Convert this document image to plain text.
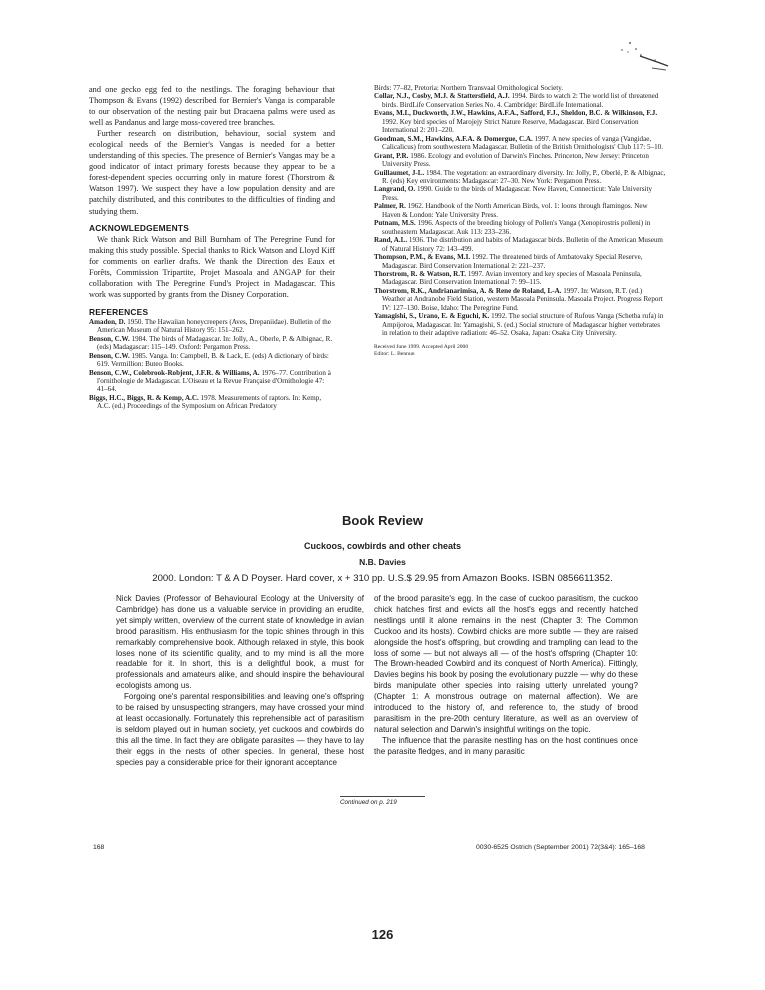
and one gecko egg fed to the nestlings. The foraging behaviour that Thompson & Evans (1992) described for Bernier's Vanga is comparable to our observation of the nesting pair but Dracaena palms were used as well as Pandanus and large moss-covered tree branches.

Further research on distribution, behaviour, social system and ecological needs of the Bernier's Vangas is needed for a better understanding of this species. The presence of Bernier's Vangas may be a good indicator of intact primary forests because they appear to be a forest-dependent species occurring only in mature forest (Thorstrom & Watson 1997). We suspect they have a low population density and are patchily distributed, and this contributes to the difficulties of finding and studying them.

ACKNOWLEDGEMENTS

We thank Rick Watson and Bill Burnham of The Peregrine Fund for making this study possible. Special thanks to Rick Watson and Lloyd Kiff for comments on earlier drafts. We thank the Direction des Eaux et Forêts, Commission Tripartite, Projet Masoala and ANGAP for their collaboration with The Peregrine Fund's Project in Madagascar. This work was supported by grants from the Disney Corporation.

REFERENCES

Amadon, D. 1950. The Hawaiian honeycreepers (Aves, Drepaniidae). Bulletin of the American Museum of Natural History 95: 151–262.

Benson, C.W. 1984. The birds of Madagascar. In: Jolly, A., Oberle, P. & Albignac, R. (eds) Madagascar: 115–149. Oxford: Pergamon Press.

Benson, C.W. 1985. Vanga. In: Campbell, B. & Lack, E. (eds) A dictionary of birds: 619. Vermillion: Buteo Books.

Benson, C.W., Colebrook-Robjent, J.F.R. & Williams, A. 1976–77. Contribution à l'ornithologie de Madagascar. L'Oiseau et la Revue Française d'Ornithologie 47: 41–64.

Biggs, H.C., Biggs, R. & Kemp, A.C. 1978. Measurements of raptors. In: Kemp, A.C. (ed.) Proceedings of the Symposium on African Predatory

Birds: 77–82, Pretoria: Northern Transvaal Ornithological Society.

Collar, N.J., Cosby, M.J. & Stattersfield, A.J. 1994. Birds to watch 2: The world list of threatened birds. BirdLife Conservation Series No. 4. Cambridge: BirdLife International.

Evans, M.I., Duckworth, J.W., Hawkins, A.F.A., Safford, F.J., Sheldon, B.C. & Wilkinson, F.J. 1992. Key bird species of Marojejy Strict Nature Reserve, Madagascar. Bird Conservation International 2: 201–220.

Goodman, S.M., Hawkins, A.F.A. & Domergue, C.A. 1997. A new species of vanga (Vangidae, Calicalicus) from southwestern Madagascar. Bulletin of the British Ornithologists' Club 117: 5–10.

Grant, P.R. 1986. Ecology and evolution of Darwin's Finches. Princeton, New Jersey: Princeton University Press.

Guillaumet, J-L. 1984. The vegetation: an extraordinary diversity. In: Jolly, P., Oberlé, P. & Albignac, R. (eds) Key environments: Madagascar: 27–30. New York: Pergamon Press.

Langrand, O. 1990. Guide to the birds of Madagascar. New Haven, Connecticut: Yale University Press.

Palmer, R. 1962. Handbook of the North American Birds, vol. 1: loons through flamingos. New Haven & London: Yale University Press.

Putnam, M.S. 1996. Aspects of the breeding biology of Pollen's Vanga (Xenopirostris polleni) in southeastern Madagascar. Auk 113: 233–236.

Rand, A.L. 1936. The distribution and habits of Madagascar birds. Bulletin of the American Museum of Natural History 72: 143–499.

Thompson, P.M., & Evans, M.I. 1992. The threatened birds of Ambatovaky Special Reserve, Madagascar. Bird Conservation International 2: 221–237.

Thorstrom, R. & Watson, R.T. 1997. Avian inventory and key species of Masoala Peninsula, Madagascar. Bird Conservation International 7: 99–115.

Thorstrom, R.K., Andrianarimisa, A. & Rene de Roland, L-A. 1997. In: Watson, R.T. (ed.) Weather at Andranobe Field Station, western Masoala Peninsula. Masoala Project. Progress Report IV: 127–130. Boise, Idaho: The Peregrine Fund.

Yamagishi, S., Urano, E. & Eguchi, K. 1992. The social structure of Rufous Vanga (Schetba rufa) in Ampijoroa, Madagascar. In: Yamagishi, S. (ed.) Social structure of Madagascar higher vertebrates in relation to their adaptive radiation: 46–52. Osaka, Japan: Osaka City University.

Received June 1999. Accepted April 2000
Editor: L. Bennun
Book Review
Cuckoos, cowbirds and other cheats
N.B. Davies
2000. London: T & A D Poyser. Hard cover, x + 310 pp. U.S.$ 29.95 from Amazon Books. ISBN 0856611352.

Nick Davies (Professor of Behavioural Ecology at the University of Cambridge) has done us a valuable service in providing an erudite, yet simply written, overview of the current state of knowledge in avian brood parasitism. His enthusiasm for the topic shines through in this remarkably comprehensive book. Although relaxed in style, this book loses none of its scientific quality, and to my mind is all the more readable for it. In short, this is a delightful book, a must for professionals and amateurs alike, and should inspire the behavioural ecologists among us.

Forgoing one's parental responsibilities and leaving one's offspring to be raised by unsuspecting strangers, may have crossed your mind at least occasionally. Fortunately this reprehensible act of parasitism is seldom played out in human society, yet cuckoos and cowbirds do this all the time. In fact they are obligate parasites — they have to lay their eggs in the nests of other species. In general, these host species pay a considerable price for their ignorant acceptance

of the brood parasite's egg. In the case of cuckoo parasitism, the cuckoo chick hatches first and evicts all the host's eggs and recently hatched nestlings until it alone remains in the nest (Chapter 3: The Common Cuckoo and its hosts). Cowbird chicks are more subtle — they are raised alongside the host's offspring, but crowding and trampling can lead to the loss of some — but not always all — of the host's offspring (Chapter 10: The Brown-headed Cowbird and its conquest of North America). Fittingly, Davies begins his book by posing the evolutionary puzzle — why do these birds manipulate other species into raising utterly unrelated young? (Chapter 1: A monstrous outrage on maternal affection). We are introduced to the history of, and reference to, the study of brood parasitism in the pre-20th century literature, as well as an overview of natural selection and Darwin's insightful writings on the topic.

The influence that the parasite nestling has on the host continues once the parasite fledges, and in many parasitic

Continued on p. 219
168	0030-6525 Ostrich (September 2001) 72(3&4): 165–168
126
